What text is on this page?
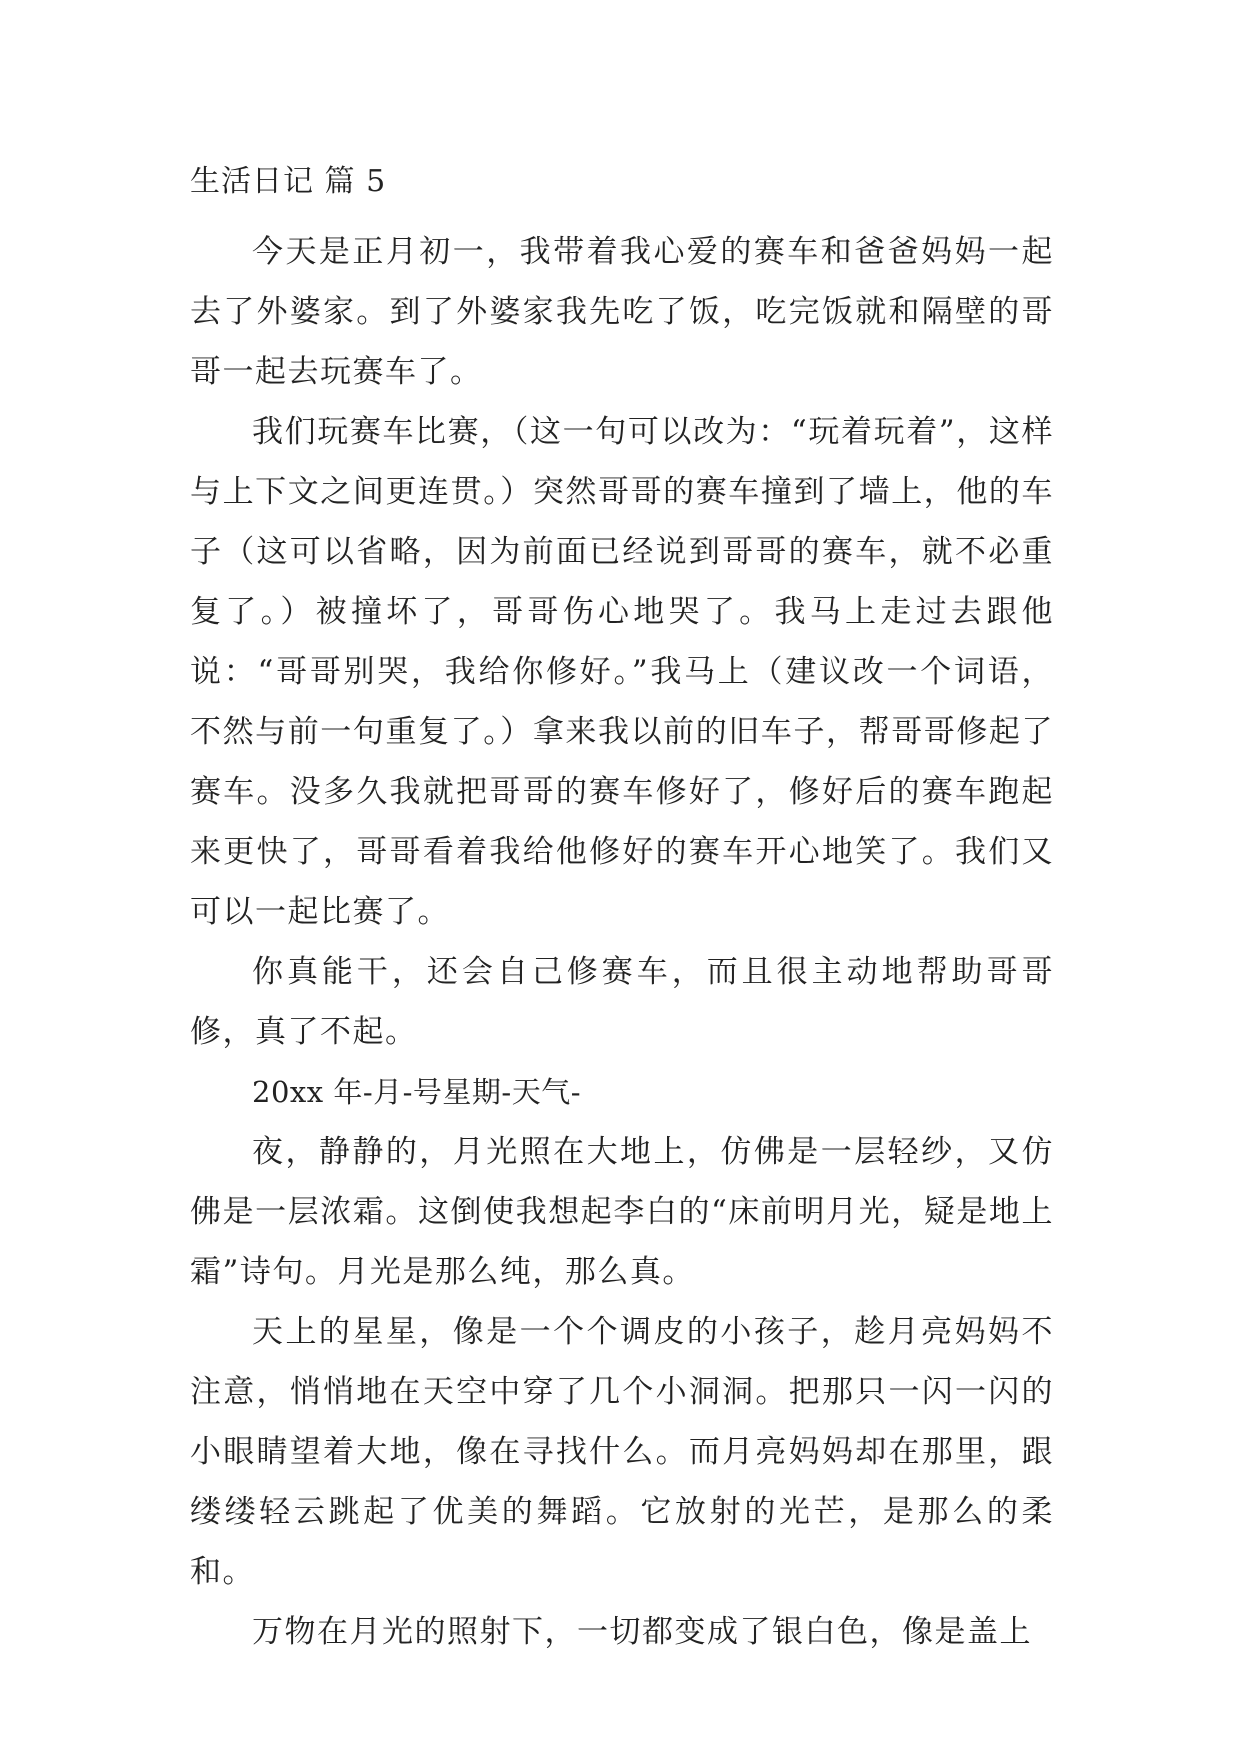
生活日记 篇 5

今天是正月初一，我带着我心爱的赛车和爸爸妈妈一起去了外婆家。到了外婆家我先吃了饭，吃完饭就和隔壁的哥哥一起去玩赛车了。

我们玩赛车比赛，（这一句可以改为：“玩着玩着”，这样与上下文之间更连贯。）突然哥哥的赛车撞到了墙上，他的车子（这可以省略，因为前面已经说到哥哥的赛车，就不必重复了。）被撞坏了，哥哥伤心地哭了。我马上走过去跟他说：“哥哥别哭，我给你修好。”我马上（建议改一个词语，不然与前一句重复了。）拿来我以前的旧车子，帮哥哥修起了赛车。没多久我就把哥哥的赛车修好了，修好后的赛车跑起来更快了，哥哥看着我给他修好的赛车开心地笑了。我们又可以一起比赛了。

你真能干，还会自己修赛车，而且很主动地帮助哥哥修，真了不起。

20xx 年-月-号星期-天气-

夜，静静的，月光照在大地上，仿佛是一层轻纱，又仿佛是一层浓霜。这倒使我想起李白的“床前明月光，疑是地上霜”诗句。月光是那么纯，那么真。

天上的星星，像是一个个调皮的小孩子，趁月亮妈妈不注意，悄悄地在天空中穿了几个小洞洞。把那只一闪一闪的小眼睛望着大地，像在寻找什么。而月亮妈妈却在那里，跟缕缕轻云跳起了优美的舞蹈。它放射的光芒，是那么的柔和。

万物在月光的照射下，一切都变成了银白色，像是盖上
